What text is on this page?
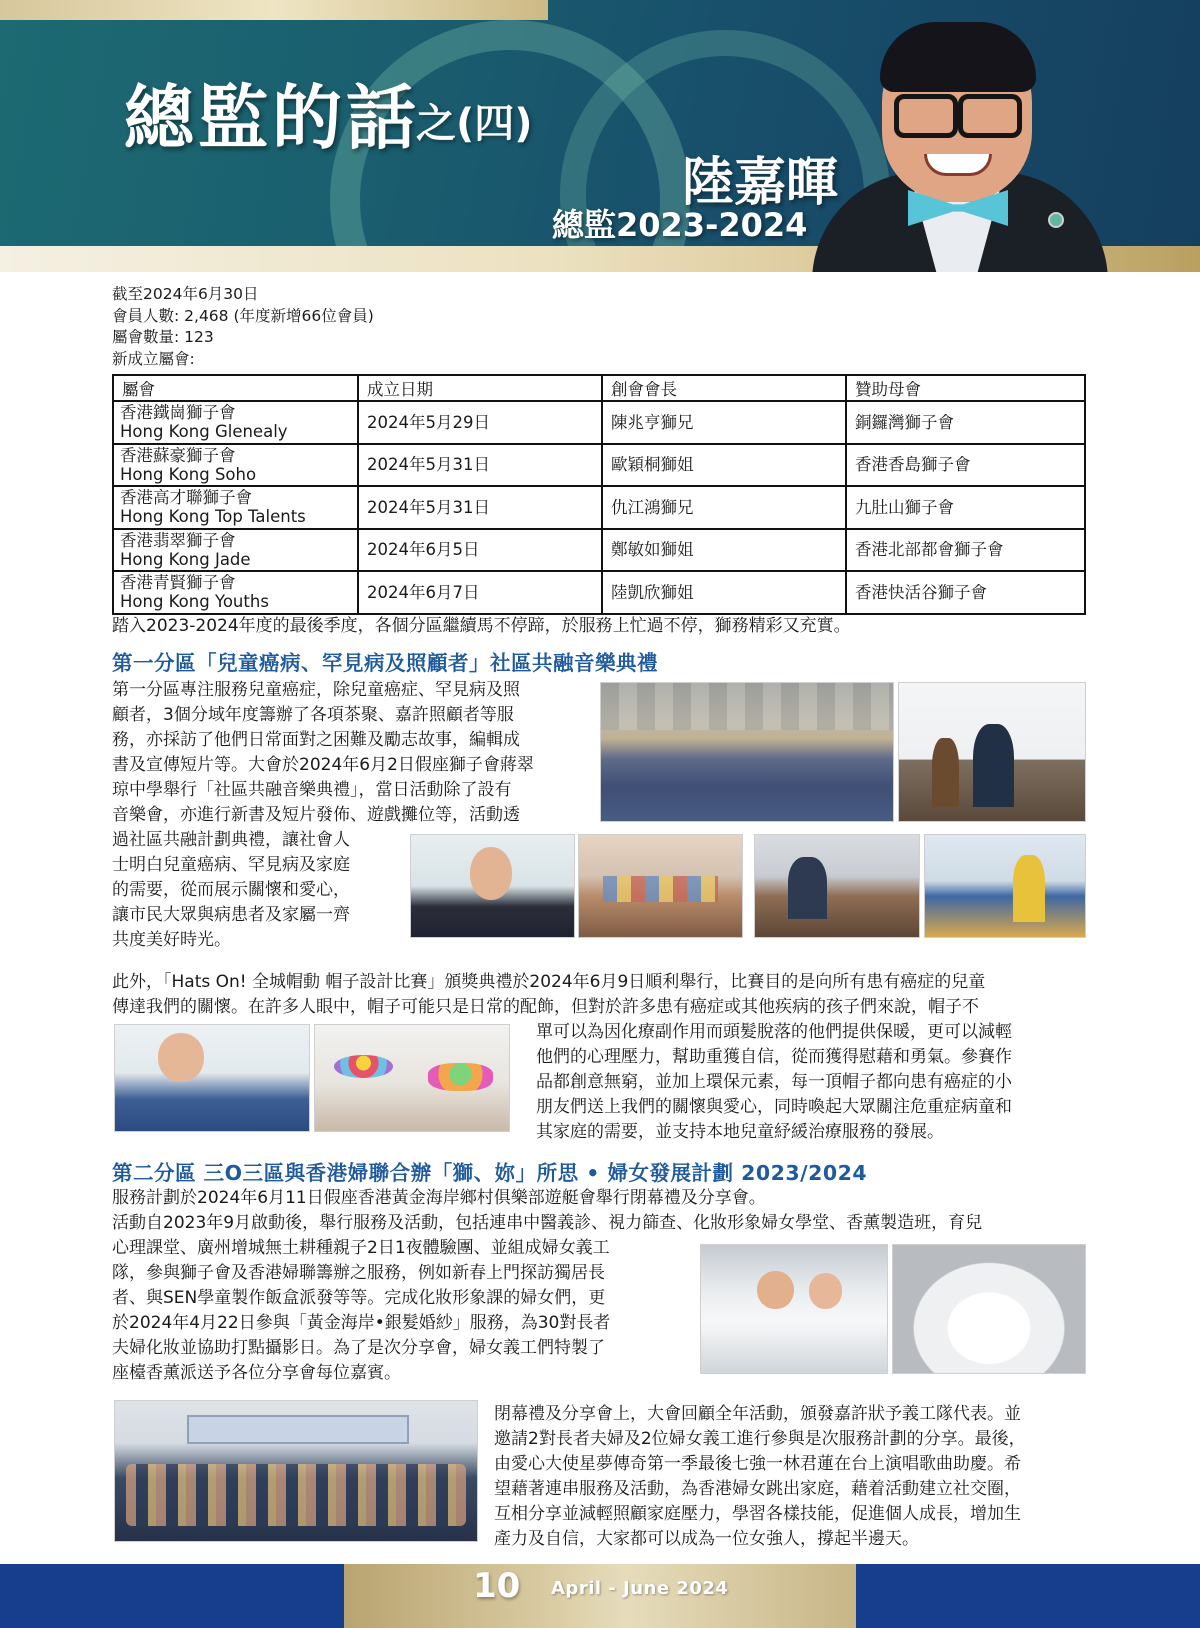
總監的話
之(四)
陸嘉暉
總監2023-2024
截至2024年6月30日
會員人數: 2,468 (年度新增66位會員)
屬會數量: 123
新成立屬會:
屬會	成立日期	創會會長	贊助母會
香港鐵崗獅子會
Hong Kong Glenealy	2024年5月29日	陳兆亨獅兄	銅鑼灣獅子會
香港蘇豪獅子會
Hong Kong Soho	2024年5月31日	歐穎桐獅姐	香港香島獅子會
香港高才聯獅子會
Hong Kong Top Talents	2024年5月31日	仇江鴻獅兄	九肚山獅子會
香港翡翠獅子會
Hong Kong Jade	2024年6月5日	鄭敏如獅姐	香港北部都會獅子會
香港青賢獅子會
Hong Kong Youths	2024年6月7日	陸凱欣獅姐	香港快活谷獅子會
踏入2023-2024年度的最後季度，各個分區繼續馬不停蹄，於服務上忙過不停，獅務精彩又充實。
第一分區「兒童癌病、罕見病及照顧者」社區共融音樂典禮
第一分區專注服務兒童癌症，除兒童癌症、罕見病及照
顧者，3個分域年度籌辦了各項茶聚、嘉許照顧者等服
務，亦採訪了他們日常面對之困難及勵志故事，編輯成
書及宣傳短片等。大會於2024年6月2日假座獅子會蔣翠
琼中學舉行「社區共融音樂典禮」，當日活動除了設有
音樂會，亦進行新書及短片發佈、遊戲攤位等，活動透
過社區共融計劃典禮，讓社會人
士明白兒童癌病、罕見病及家庭
的需要，從而展示關懷和愛心，
讓市民大眾與病患者及家屬一齊
共度美好時光。
此外，「Hats On! 全城帽動 帽子設計比賽」頒獎典禮於2024年6月9日順利舉行，比賽目的是向所有患有癌症的兒童
傳達我們的關懷。在許多人眼中，帽子可能只是日常的配飾，但對於許多患有癌症或其他疾病的孩子們來說，帽子不
單可以為因化療副作用而頭髮脫落的他們提供保暖，更可以減輕
他們的心理壓力，幫助重獲自信，從而獲得慰藉和勇氣。參賽作
品都創意無窮，並加上環保元素，每一頂帽子都向患有癌症的小
朋友們送上我們的關懷與愛心，同時喚起大眾關注危重症病童和
其家庭的需要，並支持本地兒童紓緩治療服務的發展。
第二分區 三O三區與香港婦聯合辦「獅、妳」所思 • 婦女發展計劃 2023/2024
服務計劃於2024年6月11日假座香港黃金海岸鄉村俱樂部遊艇會舉行閉幕禮及分享會。
活動自2023年9月啟動後，舉行服務及活動，包括連串中醫義診、視力篩查、化妝形象婦女學堂、香薰製造班，育兒
心理課堂、廣州增城無土耕種親子2日1夜體驗團、並組成婦女義工
隊，參與獅子會及香港婦聯籌辦之服務，例如新春上門探訪獨居長
者、與SEN學童製作飯盒派發等等。完成化妝形象課的婦女們，更
於2024年4月22日參與「黃金海岸•銀髮婚紗」服務，為30對長者
夫婦化妝並協助打點攝影日。為了是次分享會，婦女義工們特製了
座檯香薰派送予各位分享會每位嘉賓。
閉幕禮及分享會上，大會回顧全年活動，頒發嘉許狀予義工隊代表。並
邀請2對長者夫婦及2位婦女義工進行參與是次服務計劃的分享。最後，
由愛心大使星夢傳奇第一季最後七強一林君蓮在台上演唱歌曲助慶。希
望藉著連串服務及活動，為香港婦女跳出家庭，藉着活動建立社交圈，
互相分享並減輕照顧家庭壓力，學習各樣技能，促進個人成長，增加生
產力及自信，大家都可以成為一位女強人，撐起半邊天。
10 April - June 2024
